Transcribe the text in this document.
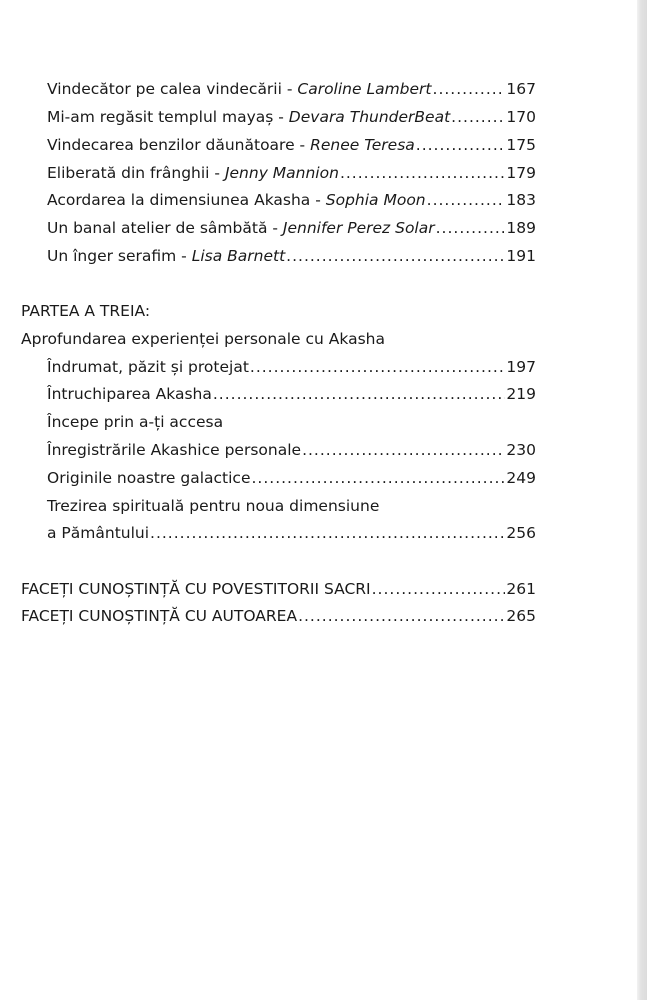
Vindecător pe calea vindecării - Caroline Lambert .....	167
Mi-am regăsit templul mayaș - Devara ThunderBeat .....	170
Vindecarea benzilor dăunătoare - Renee Teresa .....	175
Eliberată din frânghii - Jenny Mannion .....	179
Acordarea la dimensiunea Akasha - Sophia Moon .....	183
Un banal atelier de sâmbătă - Jennifer Perez Solar .....	189
Un înger serafim - Lisa Barnett .....	191
PARTEA A TREIA:
Aprofundarea experienței personale cu Akasha
Îndrumat, păzit și protejat .....	197
Întruchiparea Akasha .....	219
Începe prin a-ți accesa
Înregistrările Akashice personale .....	230
Originile noastre galactice .....	249
Trezirea spirituală pentru noua dimensiune
a Pământului .....	256
FACEȚI CUNOȘTINȚĂ CU POVESTITORII SACRI .....	261
FACEȚI CUNOȘTINȚĂ CU AUTOAREA .....	265
